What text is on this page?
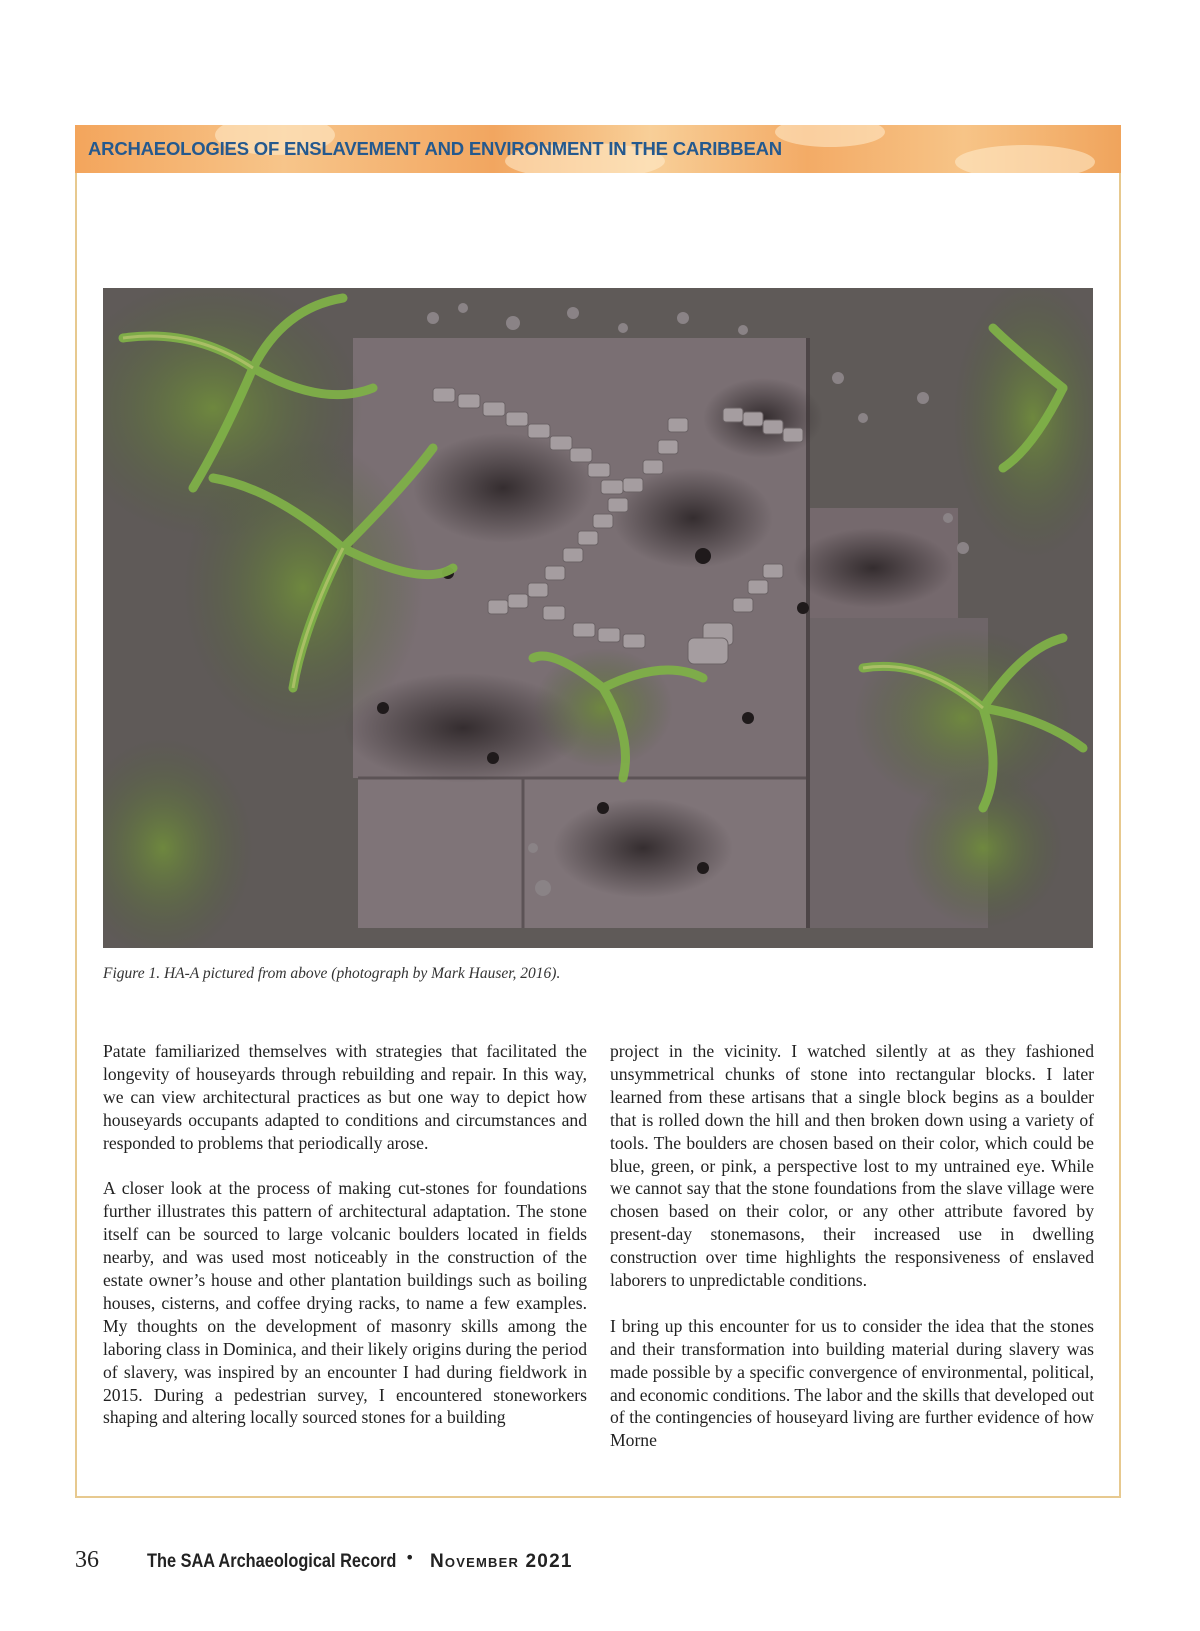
ARCHAEOLOGIES OF ENSLAVEMENT AND ENVIRONMENT IN THE CARIBBEAN

Figure 1. HA-A pictured from above (photograph by Mark Hauser, 2016).

Patate familiarized themselves with strategies that facilitated the longevity of houseyards through rebuilding and repair. In this way, we can view architectural practices as but one way to depict how houseyards occupants adapted to conditions and circumstances and responded to problems that periodically arose.

A closer look at the process of making cut-stones for foundations further illustrates this pattern of architectural adaptation. The stone itself can be sourced to large volcanic boulders located in fields nearby, and was used most noticeably in the construction of the estate owner’s house and other plantation buildings such as boiling houses, cisterns, and coffee drying racks, to name a few examples. My thoughts on the development of masonry skills among the laboring class in Dominica, and their likely origins during the period of slavery, was inspired by an encounter I had during fieldwork in 2015. During a pedestrian survey, I encountered stoneworkers shaping and altering locally sourced stones for a building

project in the vicinity. I watched silently at as they fashioned unsymmetrical chunks of stone into rectangular blocks. I later learned from these artisans that a single block begins as a boulder that is rolled down the hill and then broken down using a variety of tools. The boulders are chosen based on their color, which could be blue, green, or pink, a perspective lost to my untrained eye. While we cannot say that the stone foundations from the slave village were chosen based on their color, or any other attribute favored by present-day stonemasons, their increased use in dwelling construction over time highlights the responsiveness of enslaved laborers to unpredictable conditions.

I bring up this encounter for us to consider the idea that the stones and their transformation into building material during slavery was made possible by a specific convergence of environmental, political, and economic conditions. The labor and the skills that developed out of the contingencies of houseyard living are further evidence of how Morne

36	The SAA Archaeological Record • November 2021
